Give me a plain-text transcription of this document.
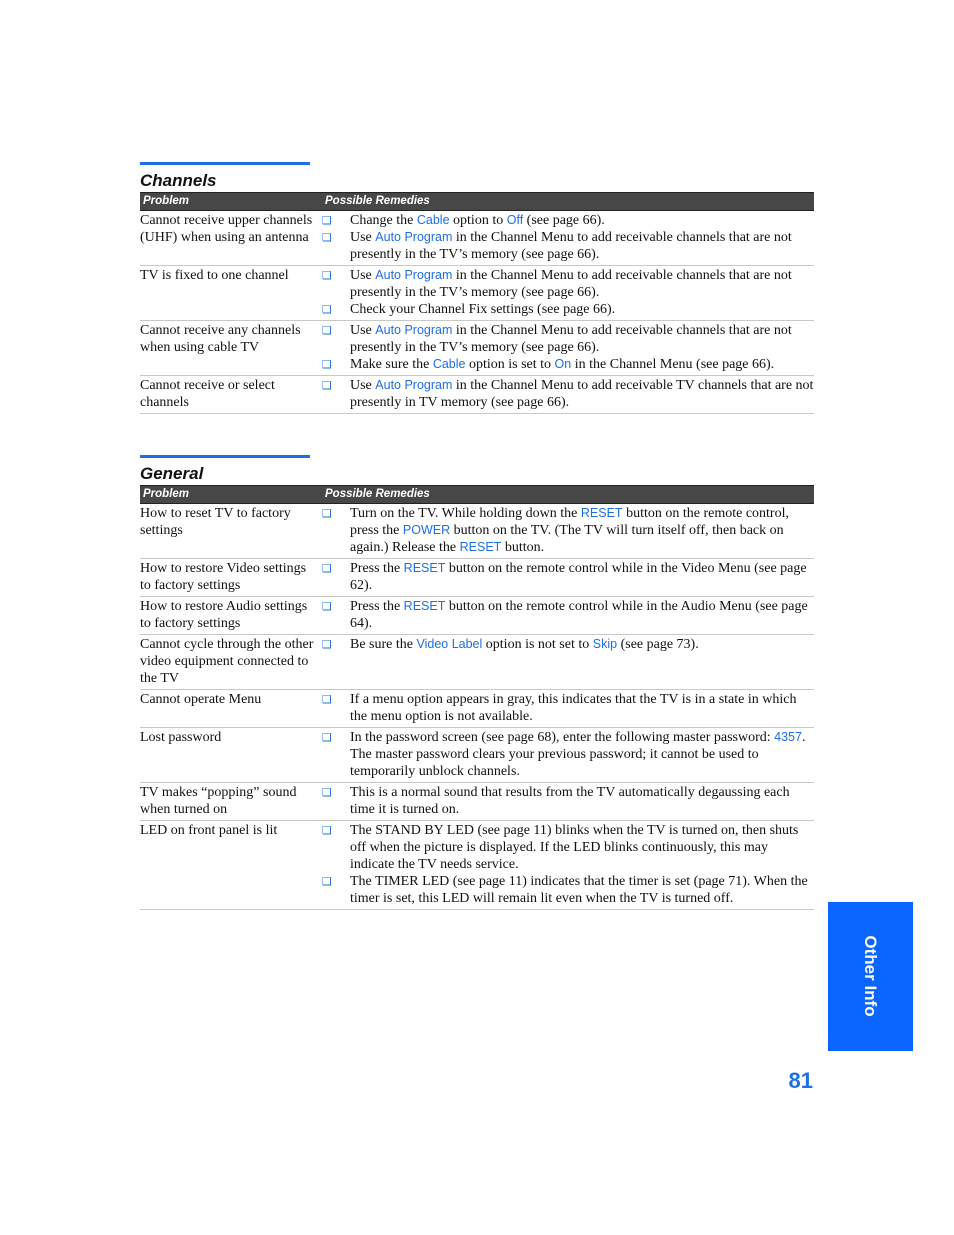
Channels
Problem	Possible Remedies
Cannot receive upper channels (UHF) when using an antenna
❑	Change the Cable option to Off (see page 66).
❑	Use Auto Program in the Channel Menu to add receivable channels that are not presently in the TV’s memory (see page 66).
TV is fixed to one channel	❑	Use Auto Program in the Channel Menu to add receivable channels that are not presently in the TV’s memory (see page 66).
❑	Check your Channel Fix settings (see page 66).
Cannot receive any channels when using cable TV
❑	Use Auto Program in the Channel Menu to add receivable channels that are not presently in the TV’s memory (see page 66).
❑	Make sure the Cable option is set to On in the Channel Menu (see page 66).
Cannot receive or select channels
❑	Use Auto Program in the Channel Menu to add receivable TV channels that are not presently in TV memory (see page 66).
General
Problem	Possible Remedies
How to reset TV to factory settings
❑	Turn on the TV. While holding down the RESET button on the remote control, press the POWER button on the TV. (The TV will turn itself off, then back on again.) Release the RESET button.
How to restore Video settings to factory settings
❑	Press the RESET button on the remote control while in the Video Menu (see page 62).
How to restore Audio settings to factory settings
❑	Press the RESET button on the remote control while in the Audio Menu (see page 64).
Cannot cycle through the other video equipment connected to the TV
❑	Be sure the Video Label option is not set to Skip (see page 73).
Cannot operate Menu	❑	If a menu option appears in gray, this indicates that the TV is in a state in which the menu option is not available.
Lost password	❑	In the password screen (see page 68), enter the following master password: 4357. The master password clears your previous password; it cannot be used to temporarily unblock channels.
TV makes “popping” sound when turned on
❑	This is a normal sound that results from the TV automatically degaussing each time it is turned on.
LED on front panel is lit	❑	The STAND BY LED (see page 11) blinks when the TV is turned on, then shuts off when the picture is displayed. If the LED blinks continuously, this may indicate the TV needs service.
❑	The TIMER LED (see page 11) indicates that the timer is set (page 71). When the timer is set, this LED will remain lit even when the TV is turned off.
Other Info
81
